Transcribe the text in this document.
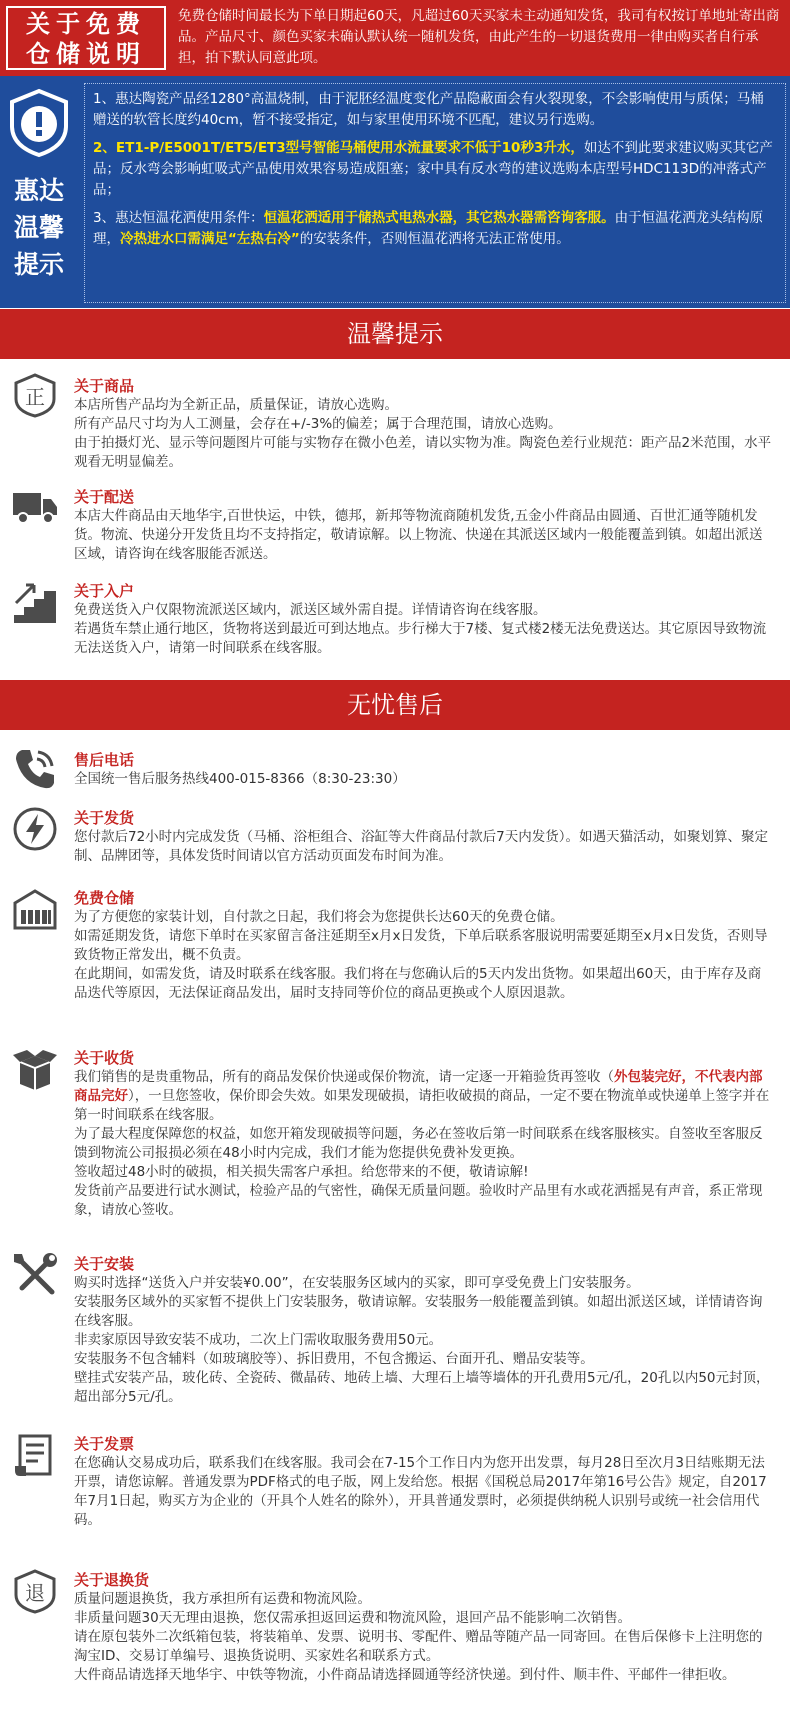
关于免费
仓储说明
免费仓储时间最长为下单日期起60天，凡超过60天买家未主动通知发货，我司有权按订单地址寄出商品。产品尺寸、颜色买家未确认默认统一随机发货，由此产生的一切退货费用一律由购买者自行承担，拍下默认同意此项。
惠达
温馨
提示

1、惠达陶瓷产品经1280°高温烧制，由于泥胚经温度变化产品隐蔽面会有火裂现象，不会影响使用与质保；马桶赠送的软管长度约40cm，暂不接受指定，如与家里使用环境不匹配，建议另行选购。

2、ET1-P/E5001T/ET5/ET3型号智能马桶使用水流量要求不低于10秒3升水，如达不到此要求建议购买其它产品；反水弯会影响虹吸式产品使用效果容易造成阻塞；家中具有反水弯的建议选购本店型号HDC113D的冲落式产品；

3、惠达恒温花洒使用条件：恒温花洒适用于储热式电热水器，其它热水器需咨询客服。由于恒温花洒龙头结构原理，冷热进水口需满足“左热右冷”的安装条件，否则恒温花洒将无法正常使用。

温馨提示
正 关于商品

本店所售产品均为全新正品，质量保证，请放心选购。

所有产品尺寸均为人工测量，会存在+/-3%的偏差；属于合理范围，请放心选购。

由于拍摄灯光、显示等问题图片可能与实物存在微小色差，请以实物为准。陶瓷色差行业规范：距产品2米范围，水平观看无明显偏差。

关于配送

本店大件商品由天地华宇,百世快运，中铁，德邦，新邦等物流商随机发货,五金小件商品由圆通、百世汇通等随机发货。物流、快递分开发货且均不支持指定，敬请谅解。以上物流、快递在其派送区域内一般能覆盖到镇。如超出派送区域，请咨询在线客服能否派送。

关于入户

免费送货入户仅限物流派送区域内，派送区域外需自提。详情请咨询在线客服。

若遇货车禁止通行地区，货物将送到最近可到达地点。步行梯大于7楼、复式楼2楼无法免费送达。其它原因导致物流无法送货入户，请第一时间联系在线客服。

无忧售后
售后电话

全国统一售后服务热线400-015-8366（8:30-23:30）

关于发货

您付款后72小时内完成发货（马桶、浴柜组合、浴缸等大件商品付款后7天内发货）。如遇天猫活动，如聚划算、聚定制、品牌团等，具体发货时间请以官方活动页面发布时间为准。

免费仓储

为了方便您的家装计划，自付款之日起，我们将会为您提供长达60天的免费仓储。

如需延期发货，请您下单时在买家留言备注延期至x月x日发货，下单后联系客服说明需要延期至x月x日发货，否则导致货物正常发出，概不负责。

在此期间，如需发货，请及时联系在线客服。我们将在与您确认后的5天内发出货物。如果超出60天，由于库存及商品迭代等原因，无法保证商品发出，届时支持同等价位的商品更换或个人原因退款。

关于收货

我们销售的是贵重物品，所有的商品发保价快递或保价物流，请一定逐一开箱验货再签收（外包装完好，不代表内部商品完好），一旦您签收，保价即会失效。如果发现破损，请拒收破损的商品，一定不要在物流单或快递单上签字并在第一时间联系在线客服。

为了最大程度保障您的权益，如您开箱发现破损等问题，务必在签收后第一时间联系在线客服核实。自签收至客服反馈到物流公司报损必须在48小时内完成，我们才能为您提供免费补发更换。

签收超过48小时的破损，相关损失需客户承担。给您带来的不便，敬请谅解!

发货前产品要进行试水测试，检验产品的气密性，确保无质量问题。验收时产品里有水或花洒摇晃有声音，系正常现象，请放心签收。

关于安装

购买时选择“送货入户并安装¥0.00”，在安装服务区域内的买家，即可享受免费上门安装服务。

安装服务区域外的买家暂不提供上门安装服务，敬请谅解。安装服务一般能覆盖到镇。如超出派送区域，详情请咨询在线客服。

非卖家原因导致安装不成功，二次上门需收取服务费用50元。

安装服务不包含辅料（如玻璃胶等）、拆旧费用，不包含搬运、台面开孔、赠品安装等。

壁挂式安装产品，玻化砖、全瓷砖、微晶砖、地砖上墙、大理石上墙等墙体的开孔费用5元/孔，20孔以内50元封顶，超出部分5元/孔。

关于发票

在您确认交易成功后，联系我们在线客服。我司会在7-15个工作日内为您开出发票，每月28日至次月3日结账期无法开票，请您谅解。普通发票为PDF格式的电子版，网上发给您。根据《国税总局2017年第16号公告》规定，自2017年7月1日起，购买方为企业的（开具个人姓名的除外），开具普通发票时，必须提供纳税人识别号或统一社会信用代码。

退
关于退换货

质量问题退换货，我方承担所有运费和物流风险。

非质量问题30天无理由退换，您仅需承担返回运费和物流风险，退回产品不能影响二次销售。

请在原包装外二次纸箱包装，将装箱单、发票、说明书、零配件、赠品等随产品一同寄回。在售后保修卡上注明您的淘宝ID、交易订单编号、退换货说明、买家姓名和联系方式。

大件商品请选择天地华宇、中铁等物流，小件商品请选择圆通等经济快递。到付件、顺丰件、平邮件一律拒收。
